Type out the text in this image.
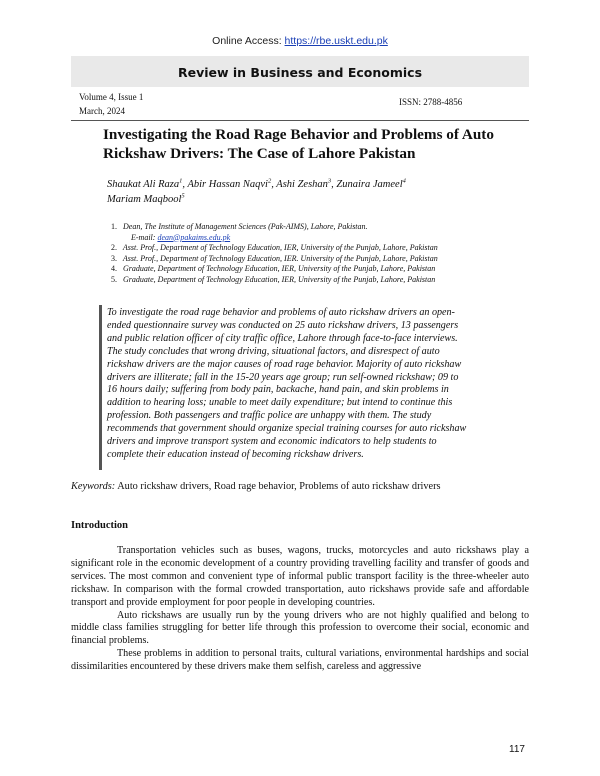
Online Access: https://rbe.uskt.edu.pk
Review in Business and Economics
Volume 4, Issue 1
March, 2024
ISSN: 2788-4856
Investigating the Road Rage Behavior and Problems of Auto
Rickshaw Drivers: The Case of Lahore Pakistan
Shaukat Ali Raza$^1$, Abir Hassan Naqvi$^2$, Ashi Zeshan$^3$, Zunaira Jameel$^4$
Mariam Maqbool$^5$
1. Dean, The Institute of Management Sciences (Pak-AIMS), Lahore, Pakistan.
E-mail: dean@pakaims.edu.pk
2. Asst. Prof., Department of Technology Education, IER, University of the Punjab, Lahore, Pakistan
3. Asst. Prof., Department of Technology Education, IER. University of the Punjab, Lahore, Pakistan
4. Graduate, Department of Technology Education, IER, University of the Punjab, Lahore, Pakistan
5. Graduate, Department of Technology Education, IER, University of the Punjab, Lahore, Pakistan
To investigate the road rage behavior and problems of auto rickshaw drivers an open-
ended questionnaire survey was conducted on 25 auto rickshaw drivers, 13 passengers
and public relation officer of city traffic office, Lahore through face-to-face interviews.
The study concludes that wrong driving, situational factors, and disrespect of auto
rickshaw drivers are the major causes of road rage behavior. Majority of auto rickshaw
drivers are illiterate; fall in the 15-20 years age group; run self-owned rickshaw; 09 to
16 hours daily; suffering from body pain, backache, hand pain, and skin problems in
addition to hearing loss; unable to meet daily expenditure; but intend to continue this
profession. Both passengers and traffic police are unhappy with them. The study
recommends that government should organize special training courses for auto rickshaw
drivers and improve transport system and economic indicators to help students to
complete their education instead of becoming rickshaw drivers.
Keywords: Auto rickshaw drivers, Road rage behavior, Problems of auto rickshaw drivers
Introduction

Transportation vehicles such as buses, wagons, trucks, motorcycles and auto rickshaws play a significant role in the economic development of a country providing travelling facility and transfer of goods and services. The most common and convenient type of informal public transport facility is the three-wheeler auto rickshaw. In comparison with the formal crowded transportation, auto rickshaws provide safe and affordable transport and provide employment for poor people in developing countries.

Auto rickshaws are usually run by the young drivers who are not highly qualified and belong to middle class families struggling for better life through this profession to overcome their social, economic and financial problems.

These problems in addition to personal traits, cultural variations, environmental hardships and social dissimilarities encountered by these drivers make them selfish, careless and aggressive

117
